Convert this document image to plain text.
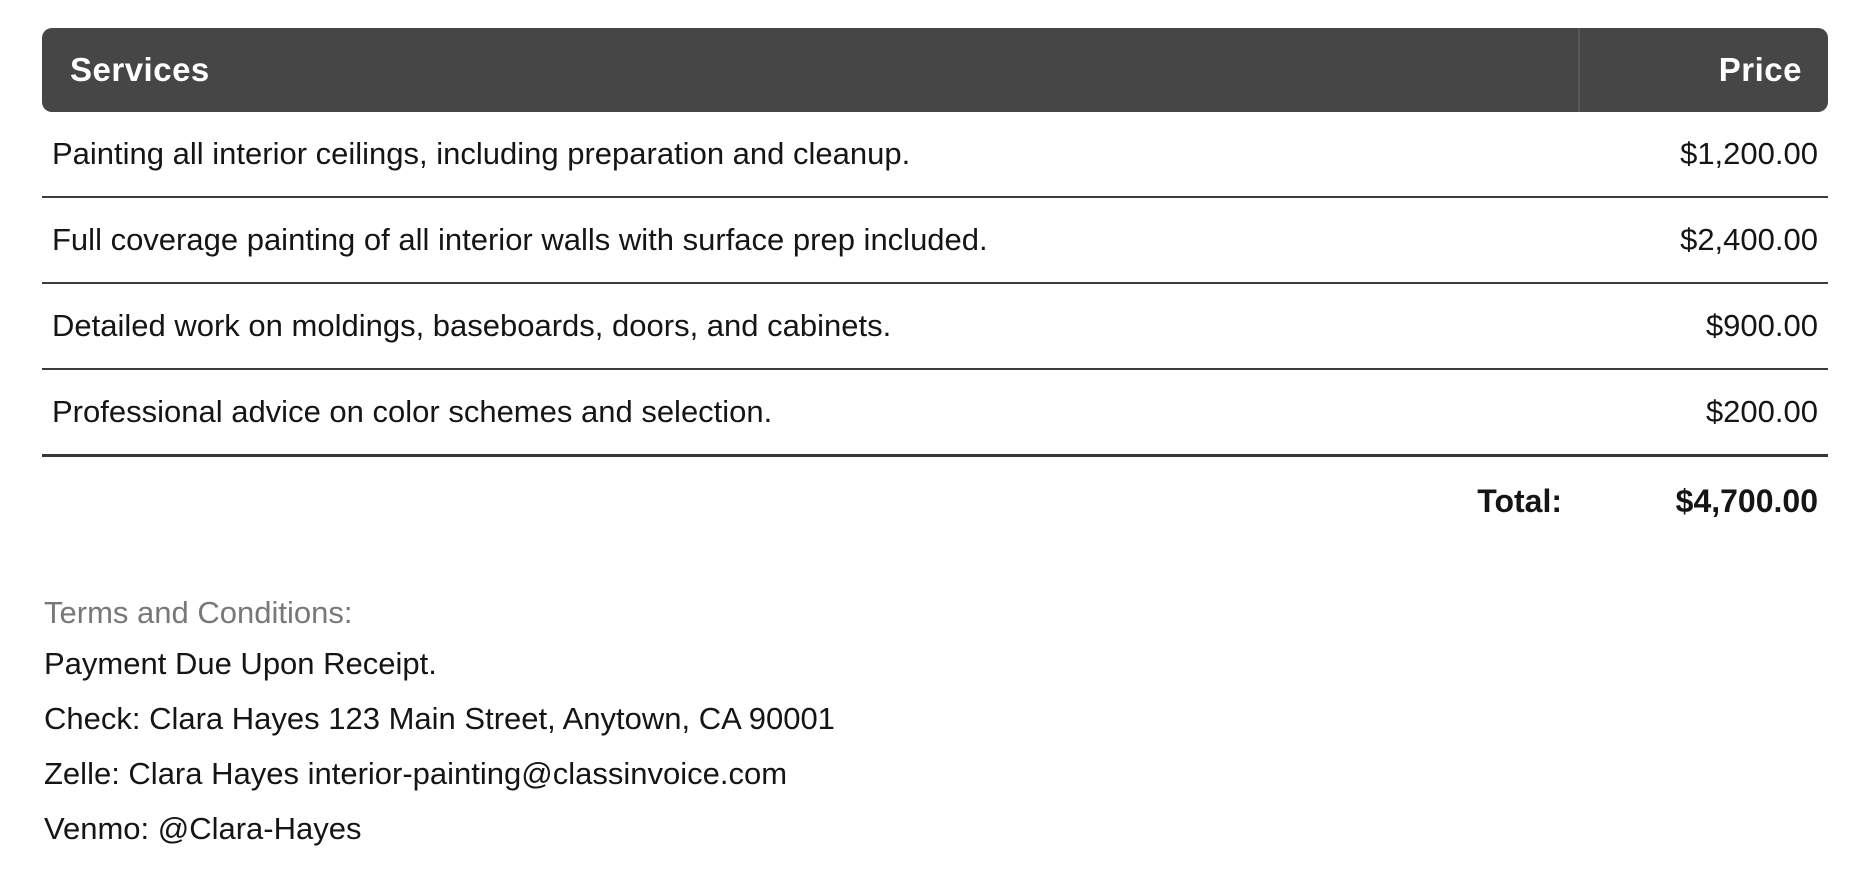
Services	Price
Painting all interior ceilings, including preparation and cleanup.	$1,200.00
Full coverage painting of all interior walls with surface prep included.	$2,400.00
Detailed work on moldings, baseboards, doors, and cabinets.	$900.00
Professional advice on color schemes and selection.	$200.00
Total:	$4,700.00
Terms and Conditions:
Payment Due Upon Receipt.
Check: Clara Hayes 123 Main Street, Anytown, CA 90001
Zelle: Clara Hayes interior-painting@classinvoice.com
Venmo: @Clara-Hayes
